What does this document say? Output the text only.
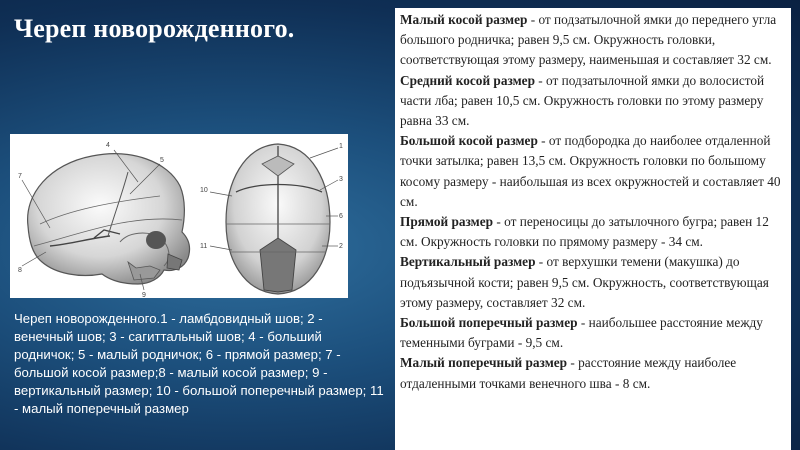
Череп новорожденного.
4
5
7
8
9
1
3
6
2
10
11
Череп новорожденного.1 - ламбдовидный шов; 2 - венечный шов; 3 - сагиттальный шов; 4 - больший родничок; 5 - малый родничок; 6 - прямой размер; 7 - большой косой размер;8 - малый косой размер; 9 - вертикальный размер; 10 - большой поперечный размер; 11 - малый поперечный размер

Малый косой размер - от подзатылочной ямки до переднего угла большого родничка; равен 9,5 см. Окружность головки, соответствующая этому размеру, наименьшая и составляет 32 см.

Средний косой размер - от подзатылочной ямки до волосистой части лба; равен 10,5 см. Окружность головки по этому размеру равна 33 см.

Большой косой размер - от подбородка до наиболее отдаленной точки затылка; равен 13,5 см. Окружность головки по большому косому размеру - наибольшая из всех окружностей и составляет 40 см.

Прямой размер - от переносицы до затылочного бугра; равен 12 см. Окружность головки по прямому размеру - 34 см.

Вертикальный размер - от верхушки темени (макушка) до подъязычной кости; равен 9,5 см. Окружность, соответствующая этому размеру, составляет 32 см.

Большой поперечный размер - наибольшее расстояние между теменными буграми - 9,5 см.

Малый поперечный размер - расстояние между наиболее отдаленными точками венечного шва - 8 см.
